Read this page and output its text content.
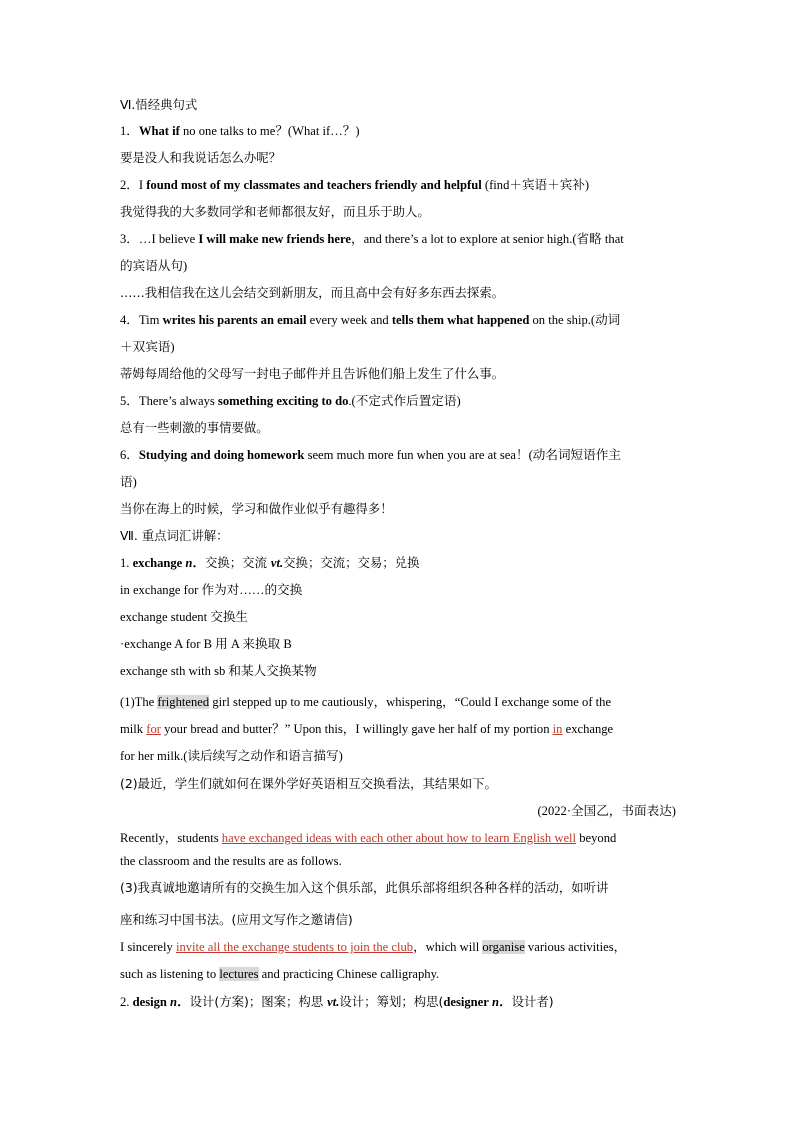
Ⅵ.悟经典句式

1．What if no one talks to me？(What if…？)

要是没人和我说话怎么办呢？

2．I found most of my classmates and teachers friendly and helpful (find＋宾语＋宾补)

我觉得我的大多数同学和老师都很友好，而且乐于助人。

3．…I believe I will make new friends here，and there’s a lot to explore at senior high.(省略 that

的宾语从句)

……我相信我在这儿会结交到新朋友，而且高中会有好多东西去探索。

4．Tim writes his parents an email every week and tells them what happened on the ship.(动词

＋双宾语)

蒂姆每周给他的父母写一封电子邮件并且告诉他们船上发生了什么事。

5．There’s always something exciting to do.(不定式作后置定语)

总有一些刺激的事情要做。

6．Studying and doing homework seem much more fun when you are at sea！(动名词短语作主

语)

当你在海上的时候，学习和做作业似乎有趣得多！

Ⅶ. 重点词汇讲解：

1. exchange n．交换；交流 vt.交换；交流；交易；兑换

in exchange for 作为对……的交换

exchange student 交换生

·exchange A for B 用 A 来换取 B

exchange sth with sb 和某人交换某物

(1)The frightened girl stepped up to me cautiously，whispering，“Could I exchange some of the

milk for your bread and butter？” Upon this，I willingly gave her half of my portion in exchange

for her milk.(读后续写之动作和语言描写)

(2)最近，学生们就如何在课外学好英语相互交换看法，其结果如下。

(2022·全国乙，书面表达)

Recently，students have exchanged ideas with each other about how to learn English well beyond

the classroom and the results are as follows.

(3)我真诚地邀请所有的交换生加入这个俱乐部，此俱乐部将组织各种各样的活动，如听讲

座和练习中国书法。(应用文写作之邀请信)

I sincerely invite all the exchange students to join the club，which will organise various activities，

such as listening to lectures and practicing Chinese calligraphy.

2. design n．设计(方案)；图案；构思 vt.设计；筹划；构思(designer n．设计者)
